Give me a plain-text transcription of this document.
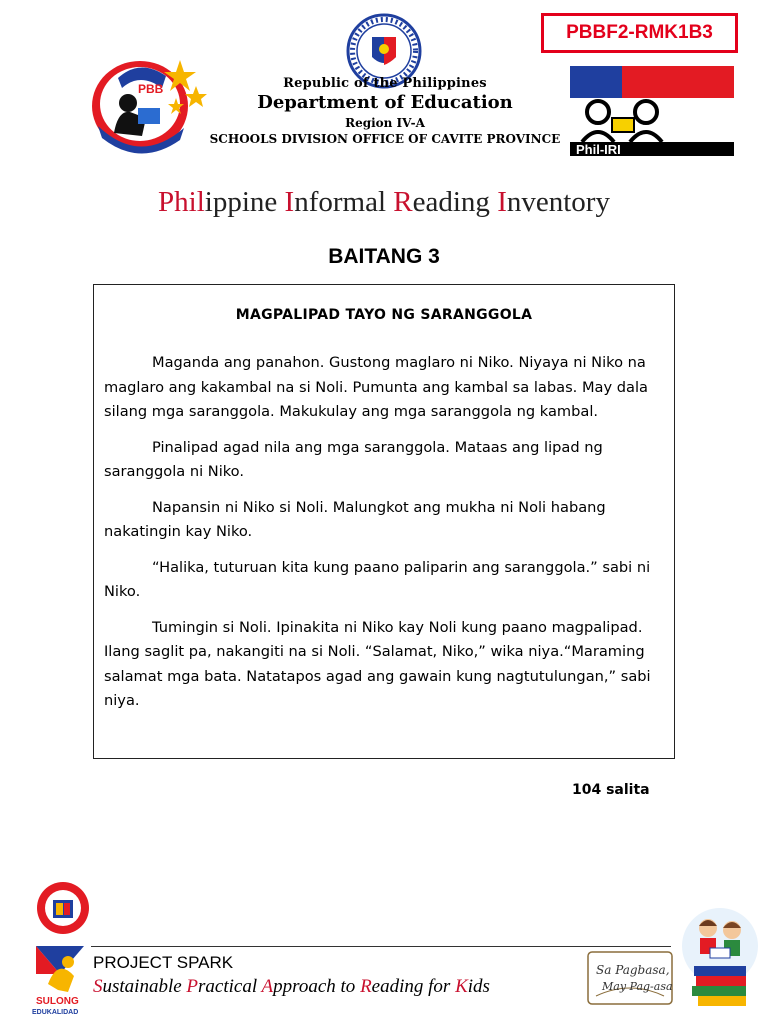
PBBF2-RMK1B3
PBB	Republic of the Philippines
Department of Education
Region IV-A
SCHOOLS DIVISION OFFICE OF CAVITE PROVINCE
Phil-IRI
Philippine Informal Reading Inventory
BAITANG 3
MAGPALIPAD TAYO NG SARANGGOLA

Maganda ang panahon. Gustong maglaro ni Niko. Niyaya ni Niko na maglaro ang kakambal na si Noli. Pumunta ang kambal sa labas. May dala silang mga saranggola. Makukulay ang mga saranggola ng kambal.

Pinalipad agad nila ang mga saranggola. Mataas ang lipad ng saranggola ni Niko.

Napansin ni Niko si Noli. Malungkot ang mukha ni Noli habang nakatingin kay Niko.

“Halika, tuturuan kita kung paano paliparin ang saranggola.” sabi ni Niko.

Tumingin si Noli. Ipinakita ni Niko kay Noli kung paano magpalipad. Ilang saglit pa, nakangiti na si Noli. “Salamat, Niko,” wika niya.“Maraming salamat mga bata. Natatapos agad ang gawain kung nagtutulungan,” sabi niya.

104 salita
SULONG
EDUKALIDAD
PROJECT SPARK
Sustainable Practical Approach to Reading for Kids
Sa Pagbasa,
May Pag-asa
